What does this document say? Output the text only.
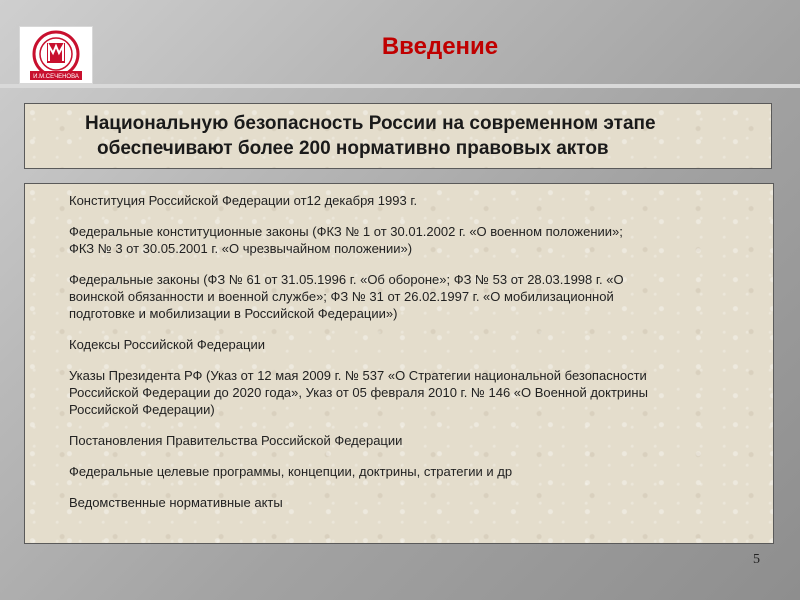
И.М.СЕЧЕНОВА
Введение
Национальную безопасность России на современном этапе
обеспечивают более 200 нормативно правовых актов
Конституция Российской Федерации от12 декабря 1993 г.
Федеральные конституционные законы (ФКЗ № 1 от 30.01.2002 г. «О военном положении»;
ФКЗ № 3 от 30.05.2001 г. «О чрезвычайном положении»)
Федеральные законы (ФЗ № 61 от 31.05.1996 г. «Об обороне»; ФЗ № 53 от 28.03.1998 г. «О
воинской обязанности и военной службе»; ФЗ № 31 от 26.02.1997 г. «О мобилизационной
подготовке и мобилизации в Российской Федерации»)
Кодексы Российской Федерации
Указы Президента РФ (Указ от 12 мая 2009 г. № 537 «О Стратегии национальной безопасности
Российской Федерации до 2020 года», Указ от 05 февраля 2010 г. № 146 «О Военной доктрины
Российской Федерации)
Постановления Правительства Российской Федерации
Федеральные целевые программы, концепции, доктрины, стратегии и др
Ведомственные нормативные акты
5
